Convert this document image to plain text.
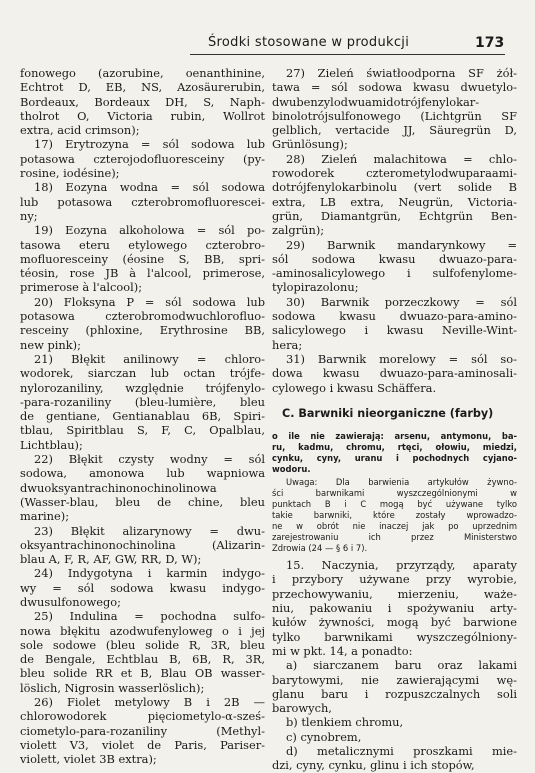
Środki stosowane w produkcji	173
fonowego (azorubine, oenanthinine,
Echtrot D, EB, NS, Azosäurerubin,
Bordeaux, Bordeaux DH, S, Naph-
tholrot O, Victoria rubin, Wollrot
extra, acid crimson);
17) Erytrozyna = sól sodowa lub
potasowa czterojodofluoresceiny (py-
rosine, iodésine);
18) Eozyna wodna = sól sodowa
lub potasowa czterobromofluorescei-
ny;
19) Eozyna alkoholowa = sól po-
tasowa eteru etylowego czterobro-
mofluoresceiny (éosine S, BB, spri-
téosin, rose JB à l'alcool, primerose,
primerose à l'alcool);
20) Floksyna P = sól sodowa lub
potasowa czterobromodwuchlorofluo-
resceiny (phloxine, Erythrosine BB,
new pink);
21) Błękit anilinowy = chloro-
wodorek, siarczan lub octan trójfe-
nylorozaniliny, względnie trójfenylo-
-para-rozaniliny (bleu-lumière, bleu
de gentiane, Gentianablau 6B, Spiri-
tblau, Spiritblau S, F, C, Opalblau,
Lichtblau);
22) Błękit czysty wodny = sól
sodowa, amonowa lub wapniowa
dwuoksyantrachinonochinolinowa
(Wasser-blau, bleu de chine, bleu
marine);
23) Błękit alizarynowy = dwu-
oksyantrachinonochinolina (Alizarin-
blau A, F, R, AF, GW, RR, D, W);
24) Indygotyna i karmin indygo-
wy = sól sodowa kwasu indygo-
dwusulfonowego;
25) Indulina = pochodna sulfo-
nowa błękitu azodwufenyloweg o i jej
sole sodowe (bleu solide R, 3R, bleu
de Bengale, Echtblau B, 6B, R, 3R,
bleu solide RR et B, Blau OB wasser-
löslich, Nigrosin wasserlöslich);
26) Fiolet metylowy B i 2B —
chlorowodorek pięciometylo-α-sześ-
ciometylo-para-rozaniliny (Methyl-
violett V3, violet de Paris, Pariser-
violett, violet 3B extra);
27) Zieleń światłoodporna SF żół-
tawa = sól sodowa kwasu dwuetylo-
dwubenzylodwuamidotrójfenylokar-
binolotrójsulfonowego (Lichtgrün SF
gelblich, vertacide JJ, Säuregrün D,
Grünlösung);
28) Zieleń malachitowa = chlo-
rowodorek czterometylodwuparaami-
dotrójfenylokarbinolu (vert solide B
extra, LB extra, Neugrün, Victoria-
grün, Diamantgrün, Echtgrün Ben-
zalgrün);
29) Barwnik mandarynkowy =
sól sodowa kwasu dwuazo-para-
-aminosalicylowego i sulfofenylome-
tylopirazolonu;
30) Barwnik porzeczkowy = sól
sodowa kwasu dwuazo-para-amino-
salicylowego i kwasu Neville-Wint-
hera;
31) Barwnik morelowy = sól so-
dowa kwasu dwuazo-para-aminosali-
cylowego i kwasu Schäffera.
C. Barwniki nieorganiczne (farby)
o ile nie zawierają: arsenu, antymonu, ba-
ru, kadmu, chromu, rtęci, ołowiu, miedzi,
cynku, cyny, uranu i pochodnych cyjano-
wodoru.
Uwaga: Dla barwienia artykułów żywno-
ści barwnikami wyszczególnionymi w
punktach B i C mogą być używane tylko
takie barwniki, które zostały wprowadzo-
ne w obrót nie inaczej jak po uprzednim
zarejestrowaniu ich przez Ministerstwo
Zdrowia (24 — § 6 i 7).
15. Naczynia, przyrządy, aparaty
i przybory używane przy wyrobie,
przechowywaniu, mierzeniu, waże-
niu, pakowaniu i spożywaniu arty-
kułów żywności, mogą być barwione
tylko barwnikami wyszczególniony-
mi w pkt. 14, a ponadto:
a) siarczanem baru oraz lakami
barytowymi, nie zawierającymi wę-
glanu baru i rozpuszczalnych soli
barowych,
b) tlenkiem chromu,
c) cynobrem,
d) metalicznymi proszkami mie-
dzi, cyny, cynku, glinu i ich stopów,
